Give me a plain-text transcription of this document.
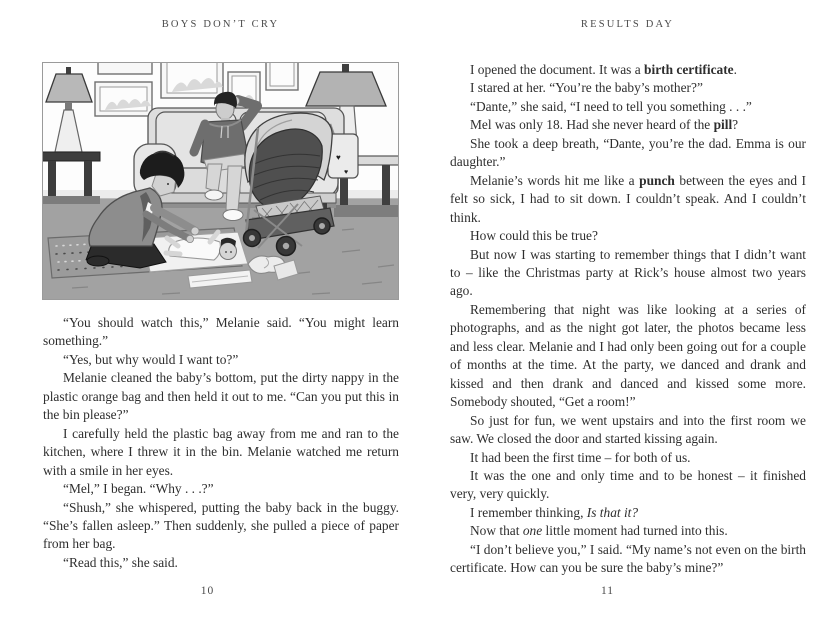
BOYS DON’T CRY	RESULTS DAY
♥
♥

“You should watch this,” Melanie said. “You might learn something.”

“Yes, but why would I want to?”

Melanie cleaned the baby’s bottom, put the dirty nappy in the plastic orange bag and then held it out to me. “Can you put this in the bin please?”

I carefully held the plastic bag away from me and ran to the kitchen, where I threw it in the bin. Melanie watched me return with a smile in her eyes.

“Mel,” I began. “Why . . .?”

“Shush,” she whispered, putting the baby back in the buggy. “She’s fallen asleep.” Then suddenly, she pulled a piece of paper from her bag.

“Read this,” she said.

I opened the document. It was a birth certificate.

I stared at her. “You’re the baby’s mother?”

“Dante,” she said, “I need to tell you something . . .”

Mel was only 18. Had she never heard of the pill?

She took a deep breath, “Dante, you’re the dad. Emma is our daughter.”

Melanie’s words hit me like a punch between the eyes and I felt so sick, I had to sit down. I couldn’t speak. And I couldn’t think.

How could this be true?

But now I was starting to remember things that I didn’t want to – like the Christmas party at Rick’s house almost two years ago.

Remembering that night was like looking at a series of photographs, and as the night got later, the photos became less and less clear. Melanie and I had only been going out for a couple of months at the time. At the party, we danced and drank and kissed and then drank and danced and kissed some more. Somebody shouted, “Get a room!”

So just for fun, we went upstairs and into the first room we saw. We closed the door and started kissing again.

It had been the first time – for both of us.

It was the one and only time and to be honest – it finished very, very quickly.

I remember thinking, Is that it?

Now that one little moment had turned into this.

“I don’t believe you,” I said. “My name’s not even on the birth certificate. How can you be sure the baby’s mine?”

10	11
